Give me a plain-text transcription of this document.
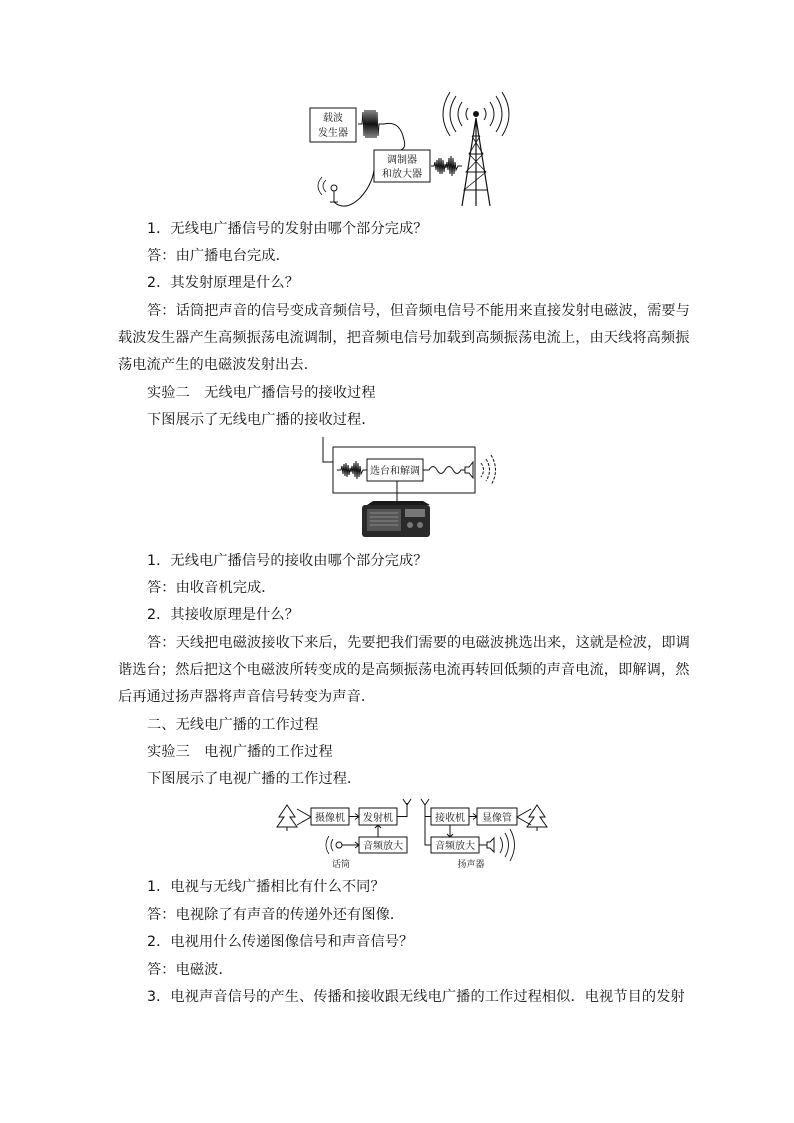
载波
发生器
调制器
和放大器
选台和解调
摄像机 发射机
音频放大
话筒
接收机 显像管
音频放大
扬声器
1．无线电广播信号的发射由哪个部分完成？
答：由广播电台完成．
2．其发射原理是什么？
答：话筒把声音的信号变成音频信号，但音频电信号不能用来直接发射电磁波，需要与
载波发生器产生高频振荡电流调制，把音频电信号加载到高频振荡电流上，由天线将高频振
荡电流产生的电磁波发射出去．
实验二　无线电广播信号的接收过程
下图展示了无线电广播的接收过程．
1．无线电广播信号的接收由哪个部分完成？
答：由收音机完成．
2．其接收原理是什么？
答：天线把电磁波接收下来后，先要把我们需要的电磁波挑选出来，这就是检波，即调
谐选台；然后把这个电磁波所转变成的是高频振荡电流再转回低频的声音电流，即解调，然
后再通过扬声器将声音信号转变为声音．
二、无线电广播的工作过程
实验三　电视广播的工作过程
下图展示了电视广播的工作过程．
1．电视与无线广播相比有什么不同？
答：电视除了有声音的传递外还有图像．
2．电视用什么传递图像信号和声音信号？
答：电磁波．
3．电视声音信号的产生、传播和接收跟无线电广播的工作过程相似．电视节目的发射
